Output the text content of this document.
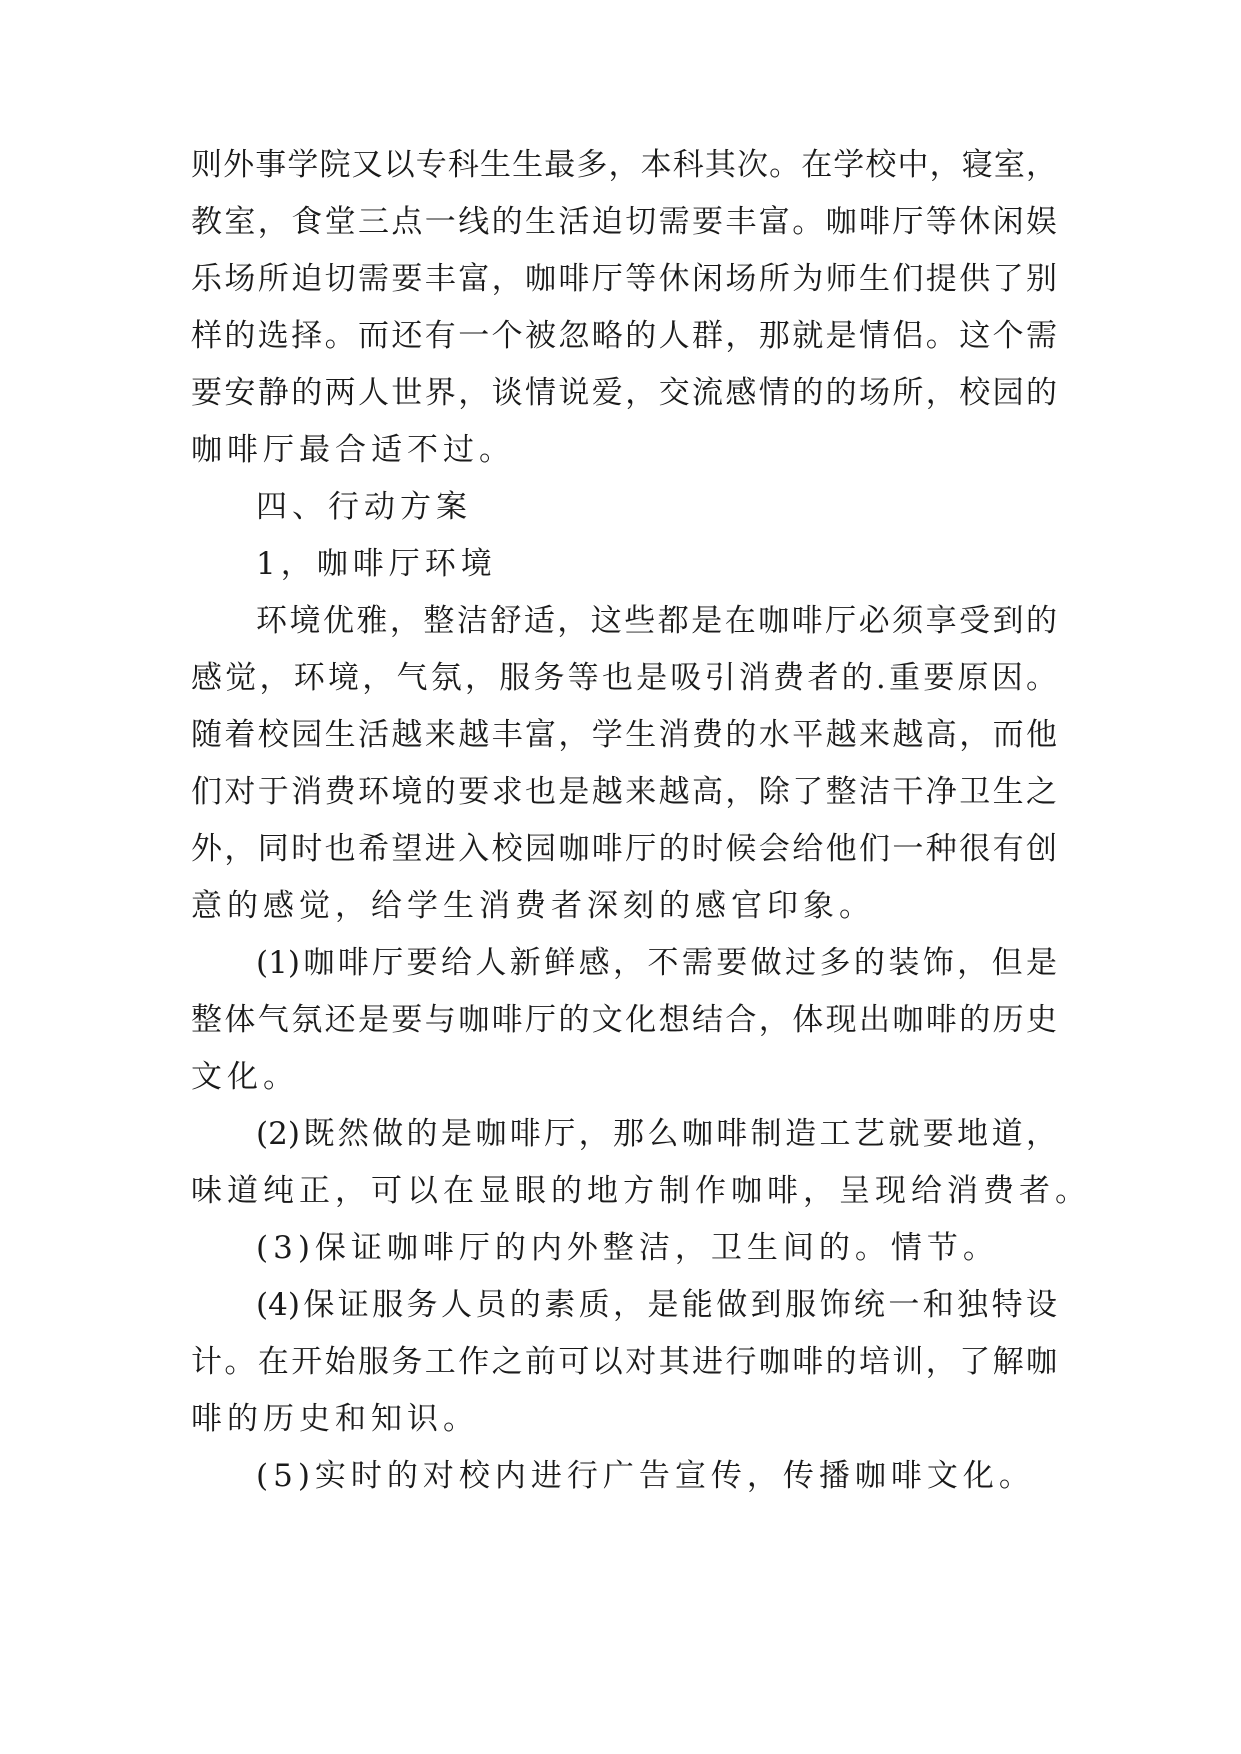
则外事学院又以专科生生最多，本科其次。在学校中，寝室，
教室，食堂三点一线的生活迫切需要丰富。咖啡厅等休闲娱
乐场所迫切需要丰富，咖啡厅等休闲场所为师生们提供了别
样的选择。而还有一个被忽略的人群，那就是情侣。这个需
要安静的两人世界，谈情说爱，交流感情的的场所，校园的
咖啡厅最合适不过。
四、行动方案
1，咖啡厅环境
环境优雅，整洁舒适，这些都是在咖啡厅必须享受到的
感觉，环境，气氛，服务等也是吸引消费者的.重要原因。
随着校园生活越来越丰富，学生消费的水平越来越高，而他
们对于消费环境的要求也是越来越高，除了整洁干净卫生之
外，同时也希望进入校园咖啡厅的时候会给他们一种很有创
意的感觉，给学生消费者深刻的感官印象。
(1)咖啡厅要给人新鲜感，不需要做过多的装饰，但是
整体气氛还是要与咖啡厅的文化想结合，体现出咖啡的历史
文化。
(2)既然做的是咖啡厅，那么咖啡制造工艺就要地道，
味道纯正，可以在显眼的地方制作咖啡，呈现给消费者。
(3)保证咖啡厅的内外整洁，卫生间的。情节。
(4)保证服务人员的素质，是能做到服饰统一和独特设
计。在开始服务工作之前可以对其进行咖啡的培训，了解咖
啡的历史和知识。
(5)实时的对校内进行广告宣传，传播咖啡文化。
